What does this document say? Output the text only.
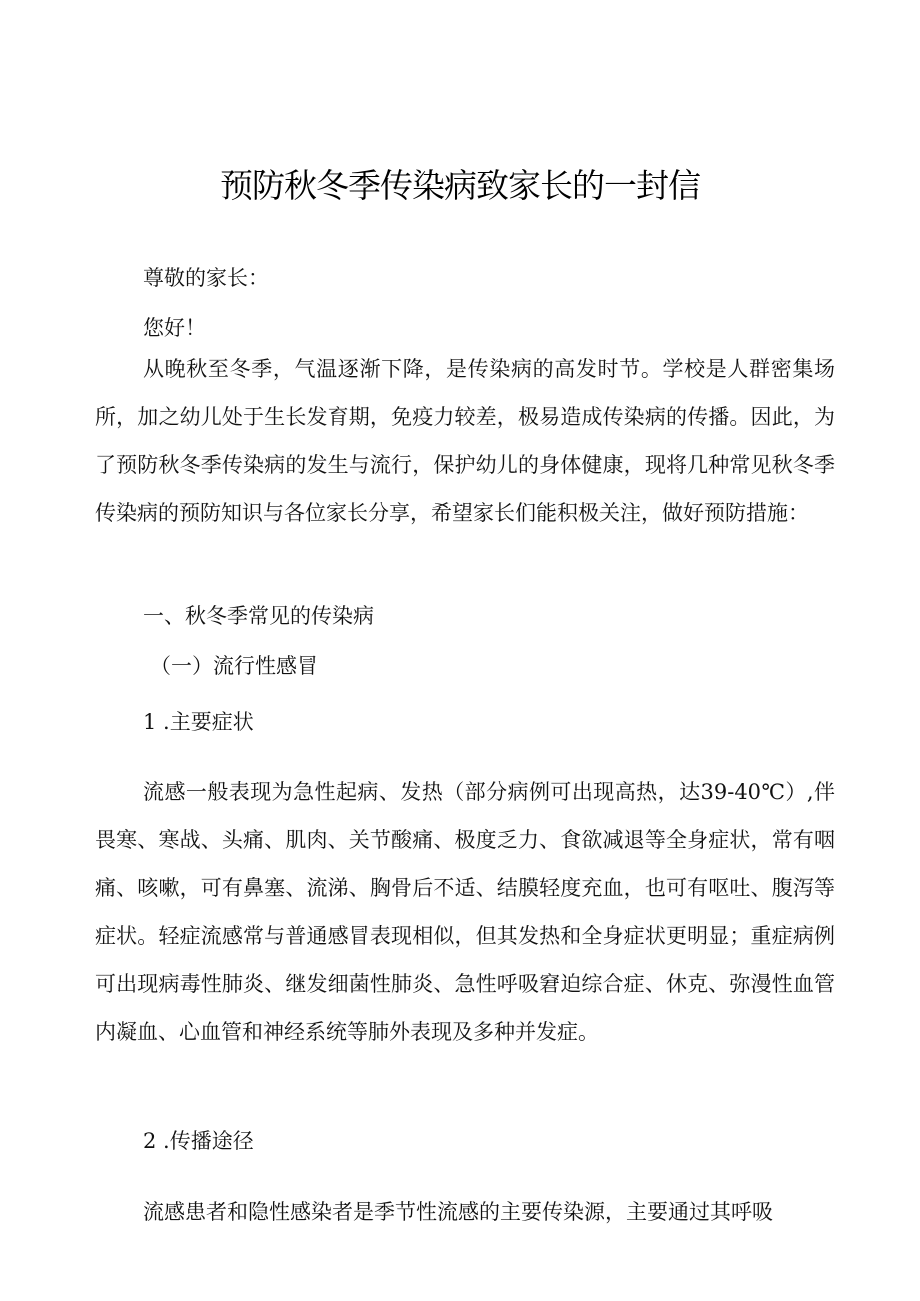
预防秋冬季传染病致家长的一封信
尊敬的家长：
您好！
从晚秋至冬季，气温逐渐下降，是传染病的高发时节。学校是人群密集场所，加之幼儿处于生长发育期，免疫力较差，极易造成传染病的传播。因此，为了预防秋冬季传染病的发生与流行，保护幼儿的身体健康，现将几种常见秋冬季传染病的预防知识与各位家长分享，希望家长们能积极关注，做好预防措施：
一、秋冬季常见的传染病
（一）流行性感冒
1 .主要症状
流感一般表现为急性起病、发热（部分病例可出现高热，达39-40℃）,伴畏寒、寒战、头痛、肌肉、关节酸痛、极度乏力、食欲减退等全身症状，常有咽痛、咳嗽，可有鼻塞、流涕、胸骨后不适、结膜轻度充血，也可有呕吐、腹泻等症状。轻症流感常与普通感冒表现相似，但其发热和全身症状更明显；重症病例可出现病毒性肺炎、继发细菌性肺炎、急性呼吸窘迫综合症、休克、弥漫性血管内凝血、心血管和神经系统等肺外表现及多种并发症。
2 .传播途径
流感患者和隐性感染者是季节性流感的主要传染源，主要通过其呼吸
